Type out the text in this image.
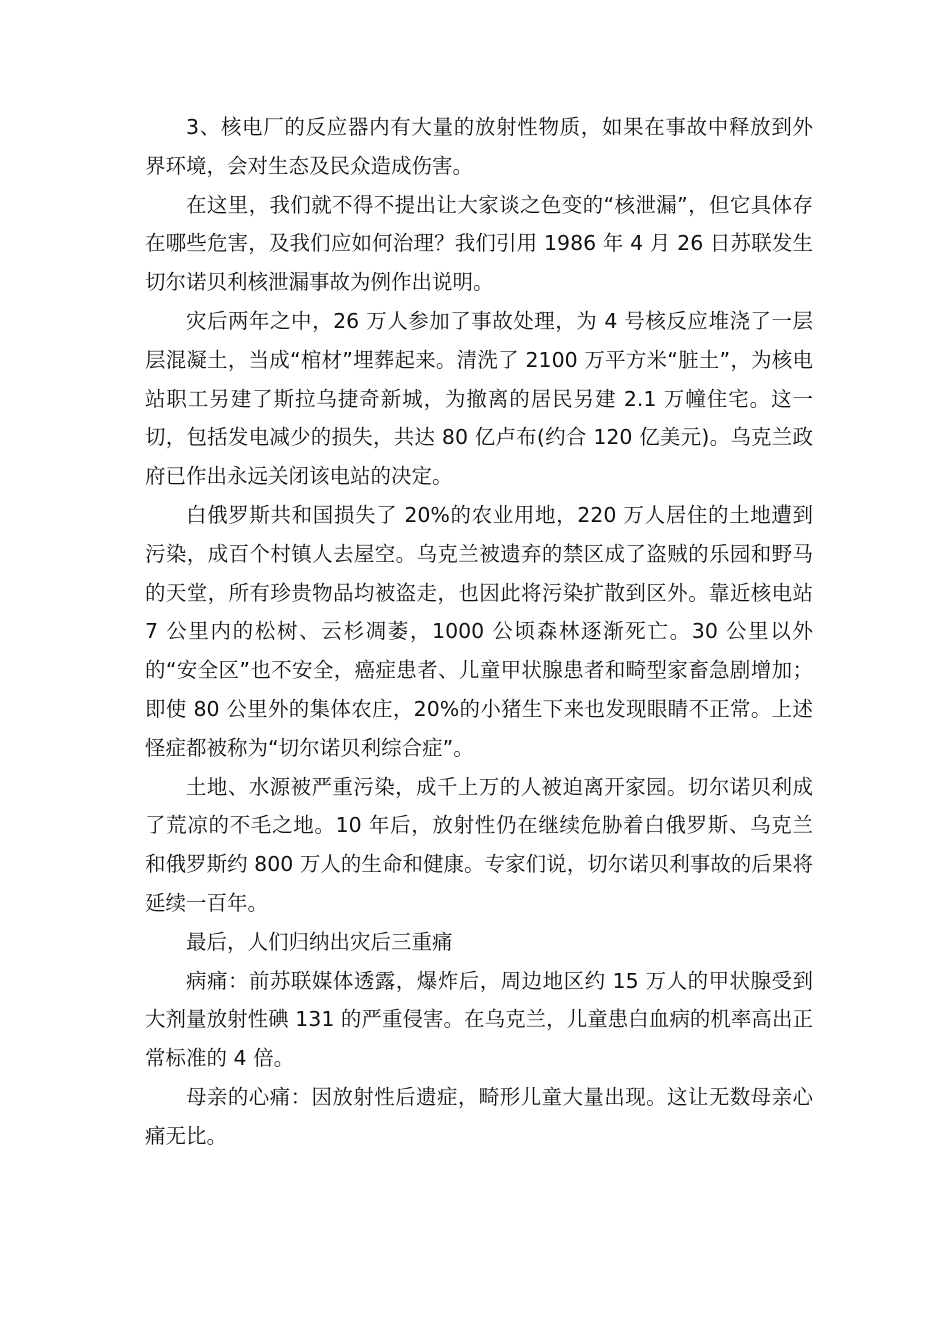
3、核电厂的反应器内有大量的放射性物质，如果在事故中释放到外界环境，会对生态及民众造成伤害。

在这里，我们就不得不提出让大家谈之色变的“核泄漏”，但它具体存在哪些危害，及我们应如何治理？我们引用 1986 年 4 月 26 日苏联发生切尔诺贝利核泄漏事故为例作出说明。

灾后两年之中，26 万人参加了事故处理，为 4 号核反应堆浇了一层层混凝土，当成“棺材”埋葬起来。清洗了 2100 万平方米“脏土”，为核电站职工另建了斯拉乌捷奇新城，为撤离的居民另建 2.1 万幢住宅。这一切，包括发电减少的损失，共达 80 亿卢布(约合 120 亿美元)。乌克兰政府已作出永远关闭该电站的决定。

白俄罗斯共和国损失了 20%的农业用地，220 万人居住的土地遭到污染，成百个村镇人去屋空。乌克兰被遗弃的禁区成了盗贼的乐园和野马的天堂，所有珍贵物品均被盗走，也因此将污染扩散到区外。靠近核电站 7 公里内的松树、云杉凋萎，1000 公顷森林逐渐死亡。30 公里以外的“安全区”也不安全，癌症患者、儿童甲状腺患者和畸型家畜急剧增加；即使 80 公里外的集体农庄，20%的小猪生下来也发现眼睛不正常。上述怪症都被称为“切尔诺贝利综合症”。

土地、水源被严重污染，成千上万的人被迫离开家园。切尔诺贝利成了荒凉的不毛之地。10 年后，放射性仍在继续危胁着白俄罗斯、乌克兰和俄罗斯约 800 万人的生命和健康。专家们说，切尔诺贝利事故的后果将延续一百年。

最后，人们归纳出灾后三重痛

病痛：前苏联媒体透露，爆炸后，周边地区约 15 万人的甲状腺受到大剂量放射性碘 131 的严重侵害。在乌克兰，儿童患白血病的机率高出正常标准的 4 倍。

母亲的心痛：因放射性后遗症，畸形儿童大量出现。这让无数母亲心痛无比。
